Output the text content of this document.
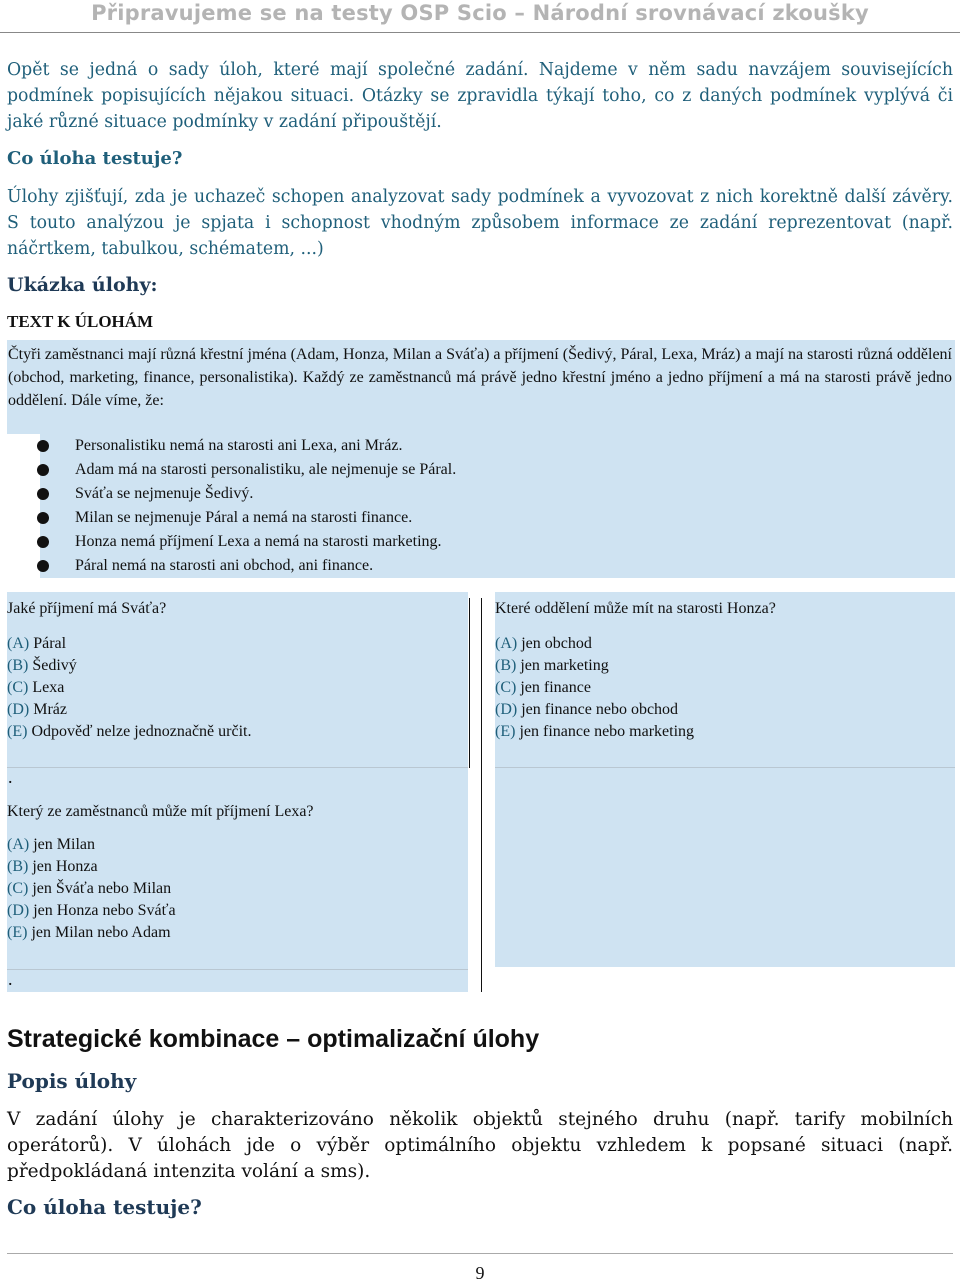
Připravujeme se na testy OSP Scio – Národní srovnávací zkoušky
Opět se jedná o sady úloh, které mají společné zadání. Najdeme v něm sadu navzájem souvisejících podmínek popisujících nějakou situaci. Otázky se zpravidla týkají toho, co z daných podmínek vyplývá či jaké různé situace podmínky v zadání připouštějí.
Co úloha testuje?
Úlohy zjišťují, zda je uchazeč schopen analyzovat sady podmínek a vyvozovat z nich korektně další závěry. S touto analýzou je spjata i schopnost vhodným způsobem informace ze zadání reprezentovat (např. náčrtkem, tabulkou, schématem, ...)
Ukázka úlohy:
TEXT K ÚLOHÁM
Čtyři zaměstnanci mají různá křestní jména (Adam, Honza, Milan a Sváťa) a příjmení (Šedivý, Páral, Lexa, Mráz) a mají na starosti různá oddělení (obchod, marketing, finance, personalistika). Každý ze zaměstnanců má právě jedno křestní jméno a jedno příjmení a má na starosti právě jedno oddělení. Dále víme, že:
Personalistiku nemá na starosti ani Lexa, ani Mráz.
Adam má na starosti personalistiku, ale nejmenuje se Páral.
Sváťa se nejmenuje Šedivý.
Milan se nejmenuje Páral a nemá na starosti finance.
Honza nemá příjmení Lexa a nemá na starosti marketing.
Páral nemá na starosti ani obchod, ani finance.
Jaké příjmení má Sváťa?
(A) Páral
(B) Šedivý
(C) Lexa
(D) Mráz
(E) Odpověď nelze jednoznačně určit.
.
Který ze zaměstnanců může mít příjmení Lexa?
(A) jen Milan
(B) jen Honza
(C) jen Šváťa nebo Milan
(D) jen Honza nebo Sváťa
(E) jen Milan nebo Adam
.
Které oddělení může mít na starosti Honza?
(A) jen obchod
(B) jen marketing
(C) jen finance
(D) jen finance nebo obchod
(E) jen finance nebo marketing
Strategické kombinace – optimalizační úlohy
Popis úlohy
V zadání úlohy je charakterizováno několik objektů stejného druhu (např. tarify mobilních operátorů). V úlohách jde o výběr optimálního objektu vzhledem k popsané situaci (např. předpokládaná intenzita volání a sms).
Co úloha testuje?
9
